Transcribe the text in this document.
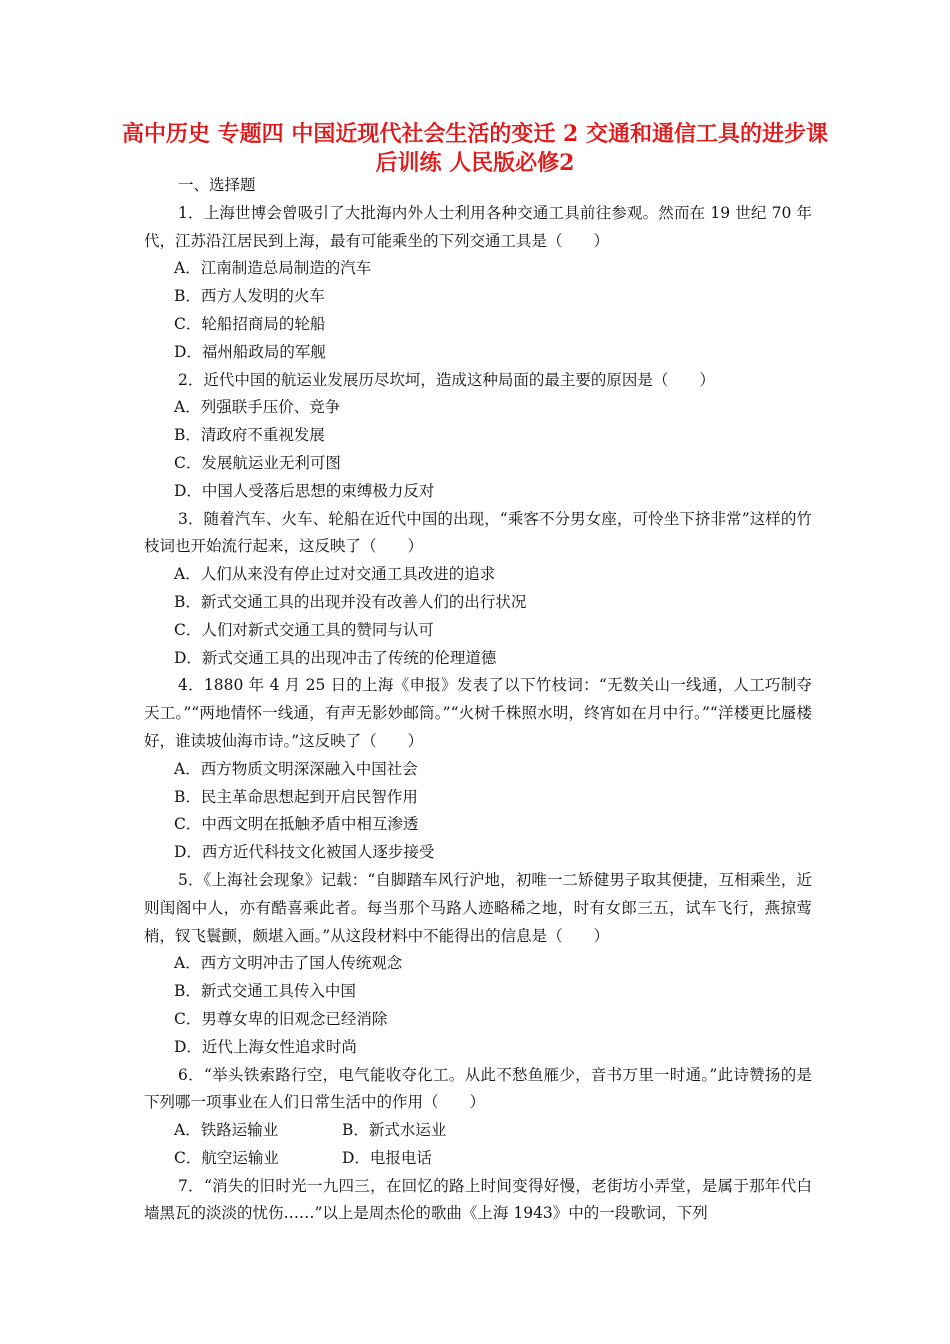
高中历史 专题四 中国近现代社会生活的变迁 2 交通和通信工具的进步课后训练 人民版必修2

一、选择题

1．上海世博会曾吸引了大批海内外人士利用各种交通工具前往参观。然而在 19 世纪 70 年代，江苏沿江居民到上海，最有可能乘坐的下列交通工具是（　　）

A．江南制造总局制造的汽车

B．西方人发明的火车

C．轮船招商局的轮船

D．福州船政局的军舰

2．近代中国的航运业发展历尽坎坷，造成这种局面的最主要的原因是（　　）

A．列强联手压价、竞争

B．清政府不重视发展

C．发展航运业无利可图

D．中国人受落后思想的束缚极力反对

3．随着汽车、火车、轮船在近代中国的出现，“乘客不分男女座，可怜坐下挤非常”这样的竹枝词也开始流行起来，这反映了（　　）

A．人们从来没有停止过对交通工具改进的追求

B．新式交通工具的出现并没有改善人们的出行状况

C．人们对新式交通工具的赞同与认可

D．新式交通工具的出现冲击了传统的伦理道德

4．1880 年 4 月 25 日的上海《申报》发表了以下竹枝词：“无数关山一线通，人工巧制夺天工。”“两地情怀一线通，有声无影妙邮筒。”“火树千株照水明，终宵如在月中行。”“洋楼更比蜃楼好，谁读坡仙海市诗。”这反映了（　　）

A．西方物质文明深深融入中国社会

B．民主革命思想起到开启民智作用

C．中西文明在抵触矛盾中相互渗透

D．西方近代科技文化被国人逐步接受

5．《上海社会现象》记载：“自脚踏车风行沪地，初唯一二矫健男子取其便捷，互相乘坐，近则闺阁中人，亦有酷喜乘此者。每当那个马路人迹略稀之地，时有女郎三五，试车飞行，燕掠莺梢，钗飞鬟颤，颇堪入画。”从这段材料中不能得出的信息是（　　）

A．西方文明冲击了国人传统观念

B．新式交通工具传入中国

C．男尊女卑的旧观念已经消除

D．近代上海女性追求时尚

6．“举头铁索路行空，电气能收夺化工。从此不愁鱼雁少，音书万里一时通。”此诗赞扬的是下列哪一项事业在人们日常生活中的作用（　　）

A．铁路运输业	B．新式水运业

C．航空运输业	D．电报电话

7．“消失的旧时光一九四三，在回忆的路上时间变得好慢，老街坊小弄堂，是属于那年代白墙黑瓦的淡淡的忧伤……”以上是周杰伦的歌曲《上海 1943》中的一段歌词，下列
